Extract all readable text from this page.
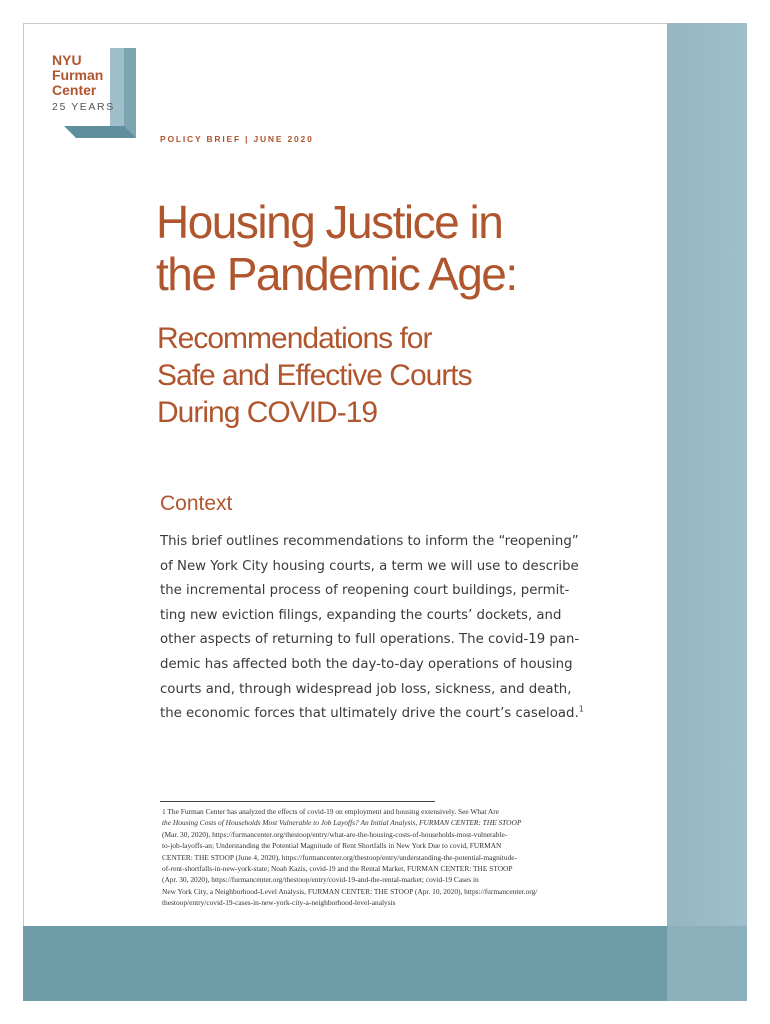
NYU
Furman
Center
25 YEARS
POLICY BRIEF | JUNE 2020
Housing Justice in
the Pandemic Age:
Recommendations for
Safe and Effective Courts
During COVID-19
Context

This brief outlines recommendations to inform the “reopening”
of New York City housing courts, a term we will use to describe
the incremental process of reopening court buildings, permit-
ting new eviction filings, expanding the courts’ dockets, and
other aspects of returning to full operations. The covid-19 pan-
demic has affected both the day-to-day operations of housing
courts and, through widespread job loss, sickness, and death,
the economic forces that ultimately drive the court’s caseload.$^1$

1 The Furman Center has analyzed the effects of covid-19 on employment and housing extensively. See What Are
the Housing Costs of Households Most Vulnerable to Job Layoffs? An Initial Analysis, FURMAN CENTER: THE STOOP
(Mar. 30, 2020), https://furmancenter.org/thestoop/entry/what-are-the-housing-costs-of-households-most-vulnerable-
to-job-layoffs-an; Understanding the Potential Magnitude of Rent Shortfalls in New York Due to covid, FURMAN
CENTER: THE STOOP (June 4, 2020), https://furmancenter.org/thestoop/entry/understanding-the-potential-magnitude-
of-rent-shortfalls-in-new-york-state; Noah Kazis, covid-19 and the Rental Market, FURMAN CENTER: THE STOOP
(Apr. 30, 2020), https://furmancenter.org/thestoop/entry/covid-19-and-the-rental-market; covid-19 Cases in
New York City, a Neighborhood-Level Analysis, FURMAN CENTER: THE STOOP (Apr. 10, 2020), https://furmancenter.org/
thestoop/entry/covid-19-cases-in-new-york-city-a-neighborhood-level-analysis
